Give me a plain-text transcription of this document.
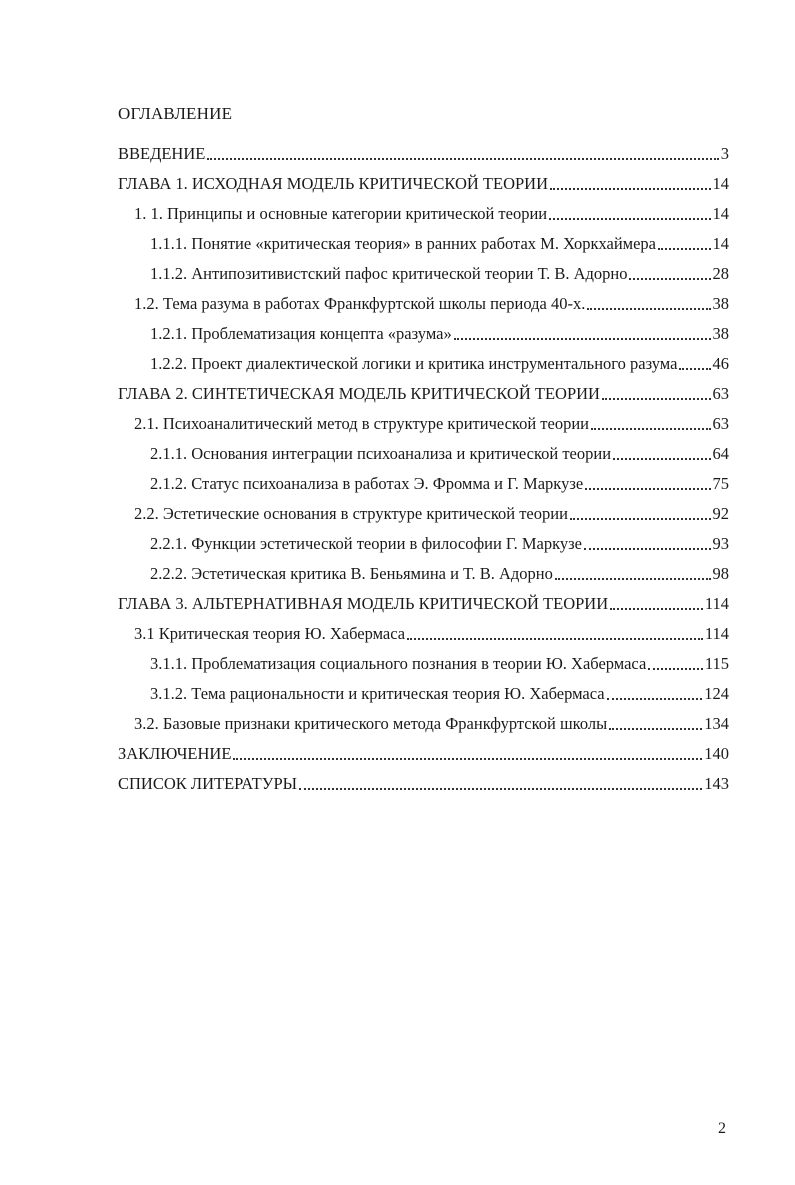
ОГЛАВЛЕНИЕ
ВВЕДЕНИЕ	3
ГЛАВА 1. ИСХОДНАЯ МОДЕЛЬ КРИТИЧЕСКОЙ ТЕОРИИ	14
1. 1. Принципы и основные категории критической теории	14
1.1.1. Понятие «критическая теория» в ранних работах М. Хоркхаймера	14
1.1.2. Антипозитивистский пафос критической теории Т. В. Адорно	28
1.2. Тема разума в работах Франкфуртской школы периода 40-х.	38
1.2.1. Проблематизация концепта «разума»	38
1.2.2. Проект диалектической логики и критика инструментального разума 46
ГЛАВА 2. СИНТЕТИЧЕСКАЯ МОДЕЛЬ КРИТИЧЕСКОЙ ТЕОРИИ	63
2.1. Психоаналитический метод в структуре критической теории	63
2.1.1. Основания интеграции психоанализа и критической теории	64
2.1.2. Статус психоанализа в работах Э. Фромма и Г. Маркузе	75
2.2. Эстетические основания в структуре критической теории	92
2.2.1. Функции эстетической теории в философии Г. Маркузе	93
2.2.2. Эстетическая критика В. Беньямина и Т. В. Адорно	98
ГЛАВА 3. АЛЬТЕРНАТИВНАЯ МОДЕЛЬ КРИТИЧЕСКОЙ ТЕОРИИ	114
3.1 Критическая теория Ю. Хабермаса	114
3.1.1. Проблематизация социального познания в теории Ю. Хабермаса	115
3.1.2. Тема рациональности и критическая теория Ю. Хабермаса	124
3.2. Базовые признаки критического метода Франкфуртской школы	134
ЗАКЛЮЧЕНИЕ	140
СПИСОК ЛИТЕРАТУРЫ	143
2
